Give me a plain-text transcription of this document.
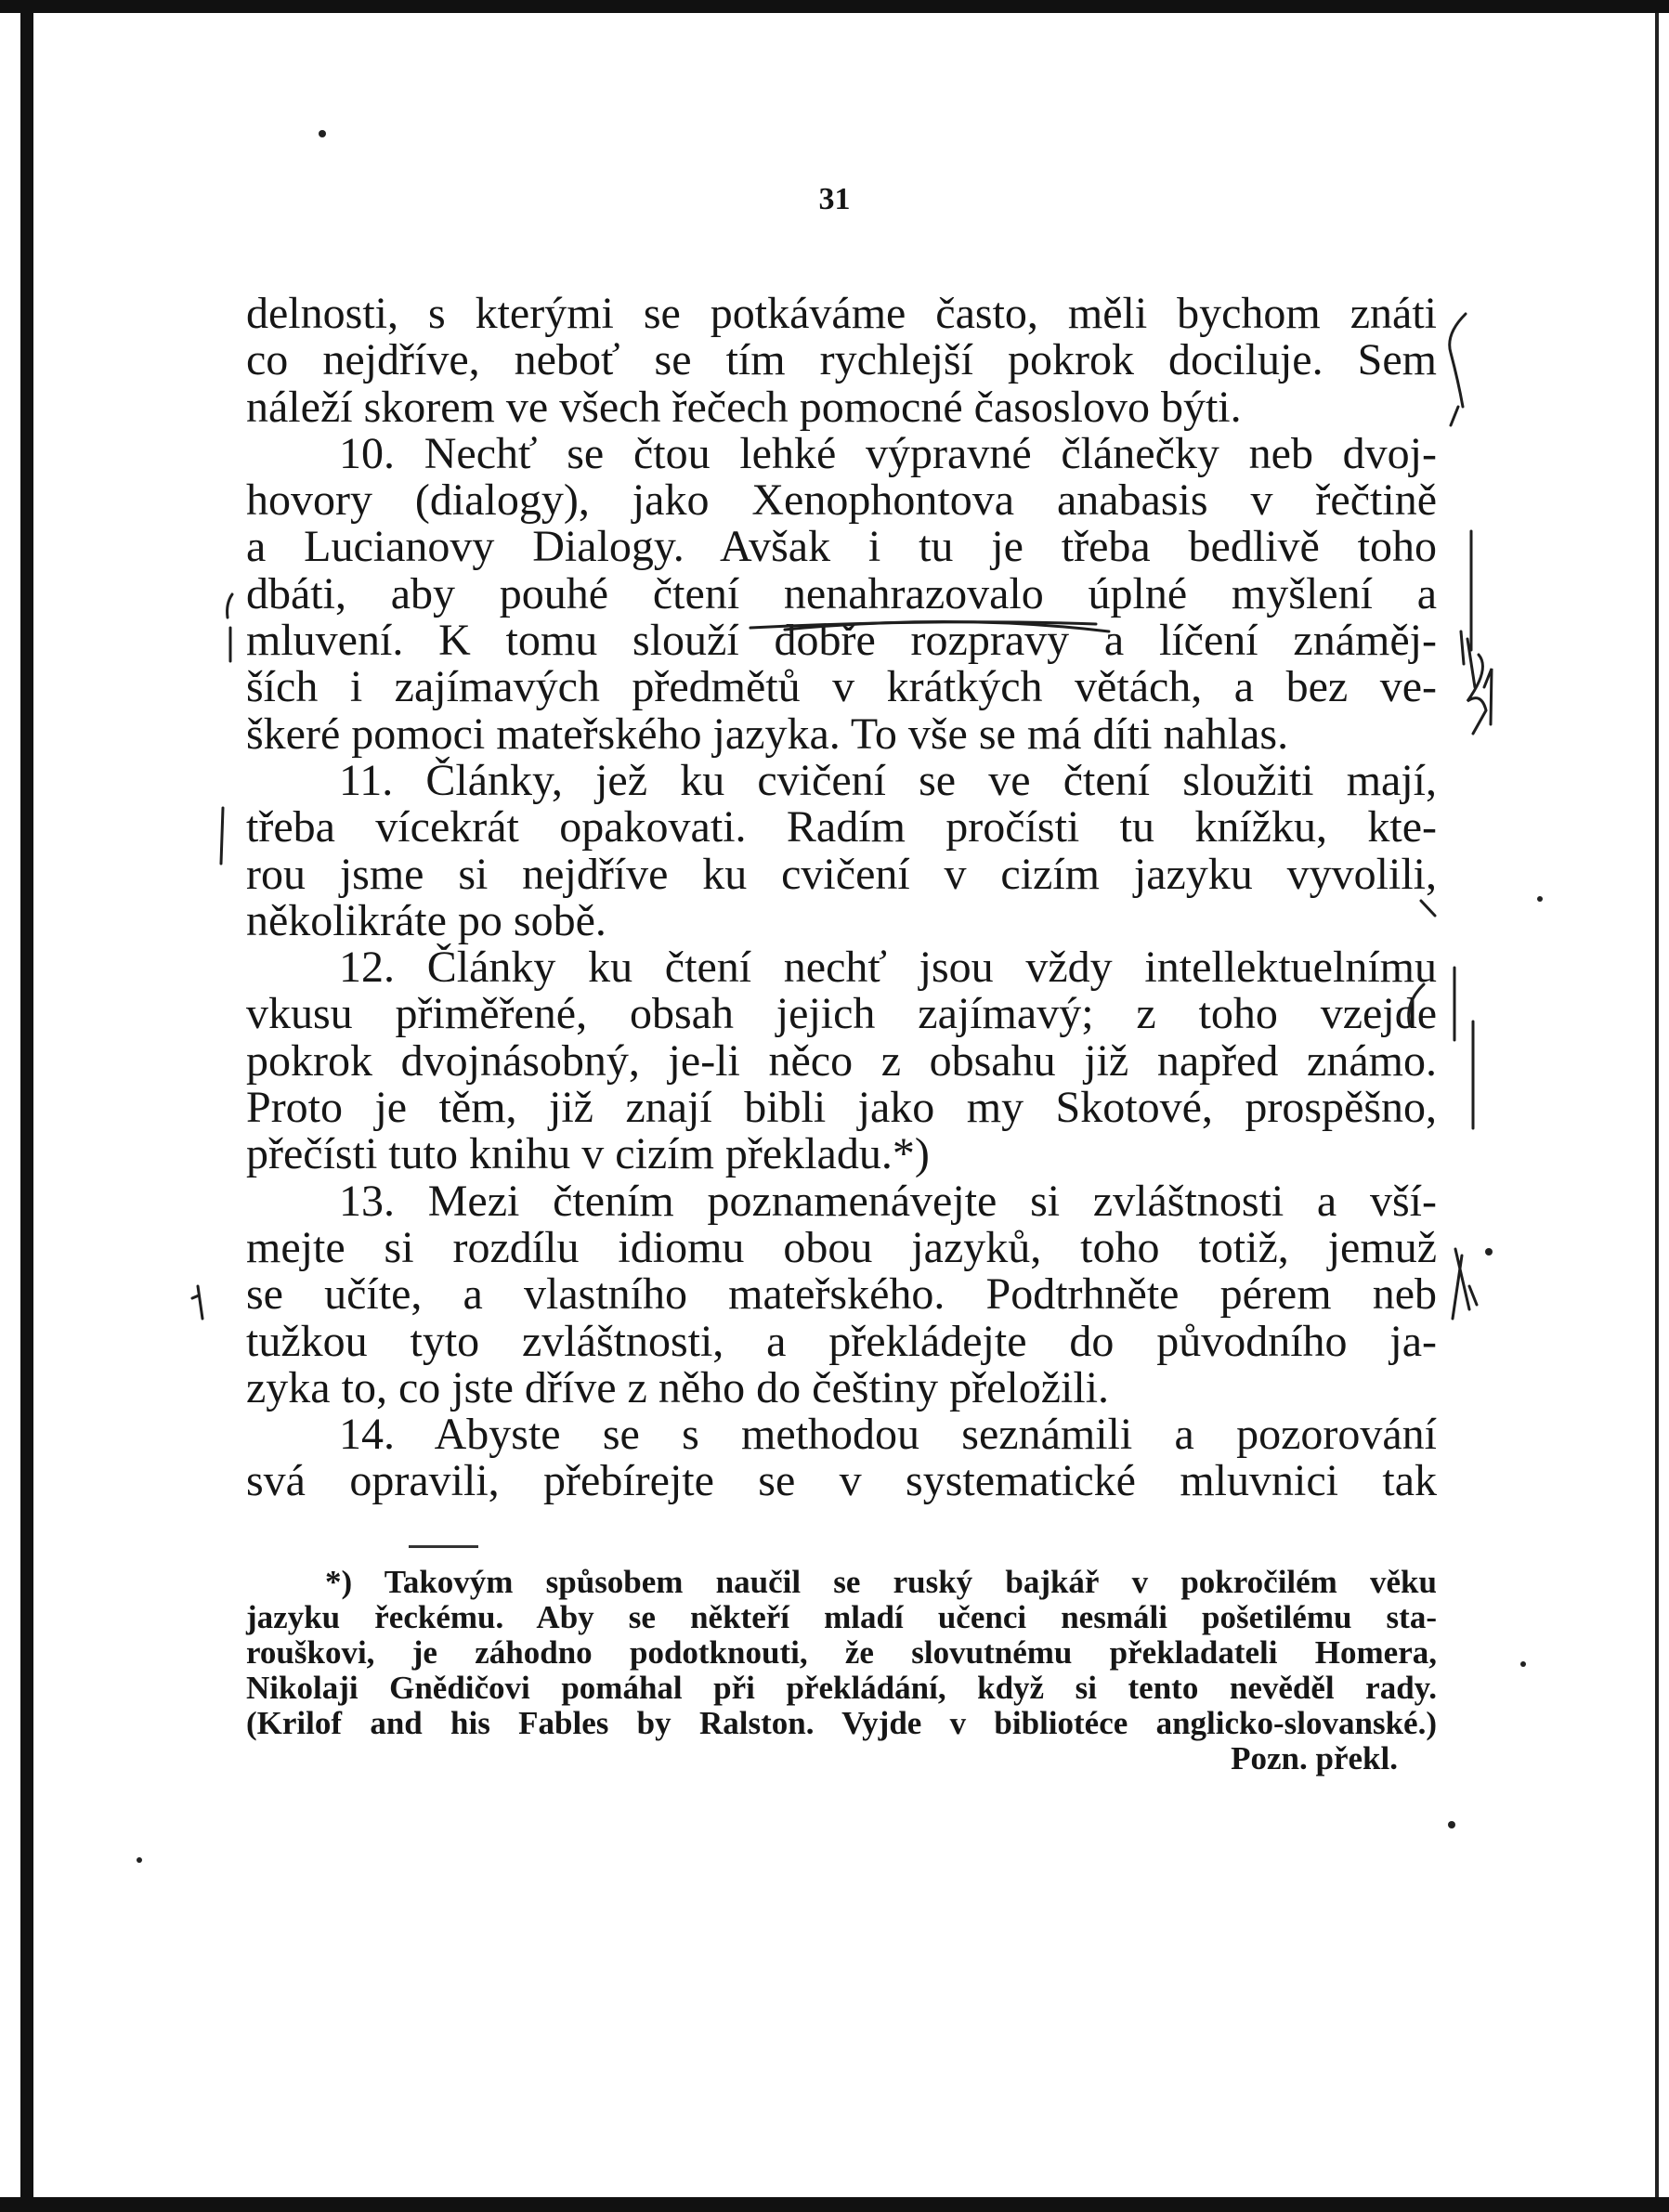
31
delnosti, s kterými se potkáváme často, měli bychom znáti
co nejdříve, neboť se tím rychlejší pokrok dociluje. Sem
náleží skorem ve všech řečech pomocné časoslovo býti.
10. Nechť se čtou lehké výpravné článečky neb dvoj-
hovory (dialogy), jako Xenophontova anabasis v řečtině
a Lucianovy Dialogy. Avšak i tu je třeba bedlivě toho
dbáti, aby pouhé čtení nenahrazovalo úplné myšlení a
mluvení. K tomu slouží dobře rozpravy a líčení známěj-
ších i zajímavých předmětů v krátkých větách, a bez ve-
škeré pomoci mateřského jazyka. To vše se má díti nahlas.
11. Články, jež ku cvičení se ve čtení sloužiti mají,
třeba vícekrát opakovati. Radím pročísti tu knížku, kte-
rou jsme si nejdříve ku cvičení v cizím jazyku vyvolili,
několikráte po sobě.
12. Články ku čtení nechť jsou vždy intellektuelnímu
vkusu přiměřené, obsah jejich zajímavý; z toho vzejde
pokrok dvojnásobný, je-li něco z obsahu již napřed známo.
Proto je těm, již znají bibli jako my Skotové, prospěšno,
přečísti tuto knihu v cizím překladu.*)
13. Mezi čtením poznamenávejte si zvláštnosti a vší-
mejte si rozdílu idiomu obou jazyků, toho totiž, jemuž
se učíte, a vlastního mateřského. Podtrhněte pérem neb
tužkou tyto zvláštnosti, a překládejte do původního ja-
zyka to, co jste dříve z něho do češtiny přeložili.
14. Abyste se s methodou seznámili a pozorování
svá opravili, přebírejte se v systematické mluvnici tak
*) Takovým spůsobem naučil se ruský bajkář v pokročilém věku
jazyku řeckému. Aby se někteří mladí učenci nesmáli pošetilému sta-
rouškovi, je záhodno podotknouti, že slovutnému překladateli Homera,
Nikolaji Gnědičovi pomáhal při překládání, když si tento nevěděl rady.
(Krilof and his Fables by Ralston. Vyjde v bibliotéce anglicko-slovanské.)
Pozn. překl.
